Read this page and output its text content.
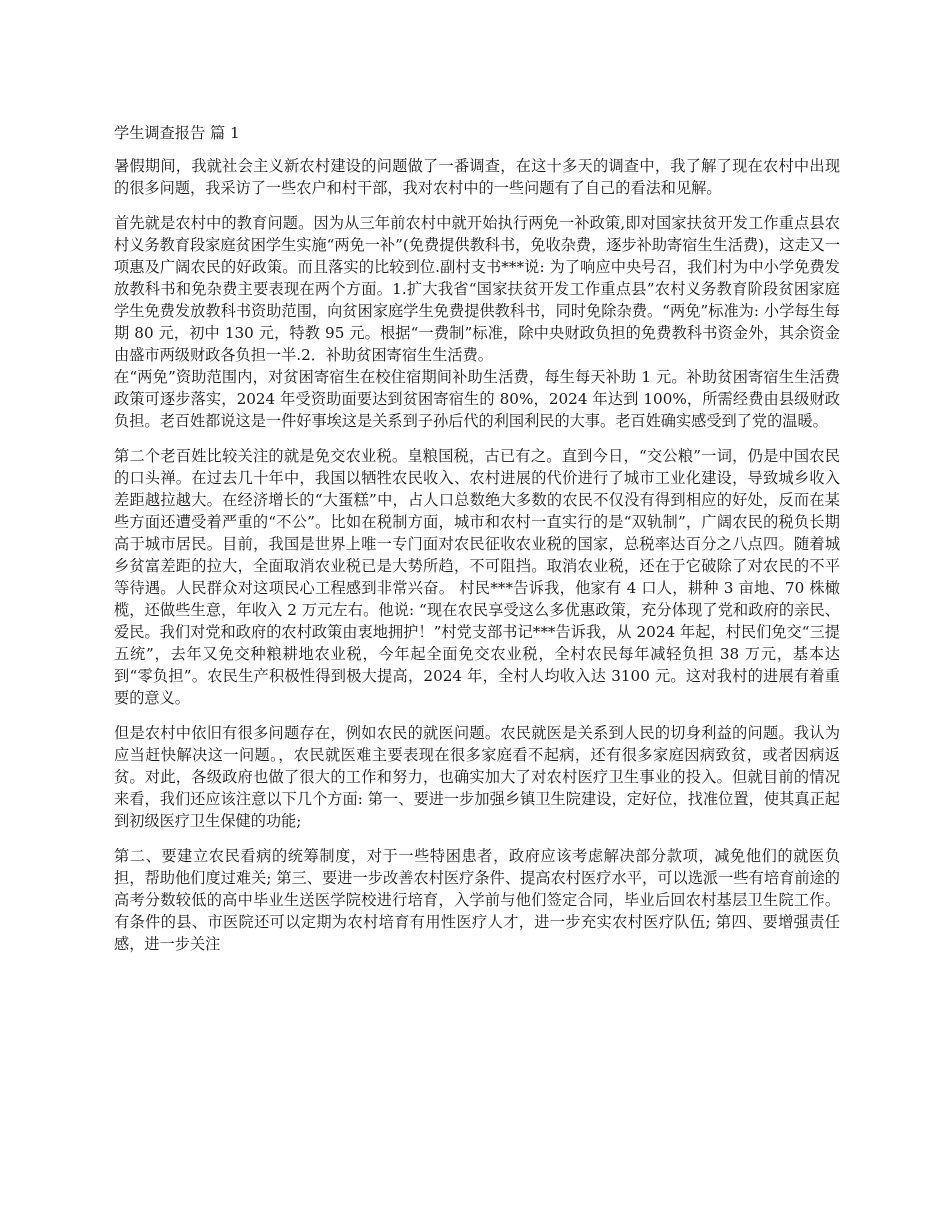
学生调查报告 篇 1

暑假期间，我就社会主义新农村建设的问题做了一番调查，在这十多天的调查中，我了解了现在农村中出现的很多问题，我采访了一些农户和村干部，我对农村中的一些问题有了自己的看法和见解。

首先就是农村中的教育问题。因为从三年前农村中就开始执行两免一补政策,即对国家扶贫开发工作重点县农村义务教育段家庭贫困学生实施“两免一补”(免费提供教科书，免收杂费，逐步补助寄宿生生活费)，这走又一项惠及广阔农民的好政策。而且落实的比较到位.副村支书***说: 为了响应中央号召，我们村为中小学免费发放教科书和免杂费主要表现在两个方面。1.扩大我省“国家扶贫开发工作重点县”农村义务教育阶段贫困家庭学生免费发放教科书资助范围，向贫困家庭学生免费提供教科书，同时免除杂费。“两免”标准为: 小学每生每期 80 元，初中 130 元，特教 95 元。根据“一费制”标准，除中央财政负担的免费教科书资金外，其余资金由盛市两级财政各负担一半.2．补助贫困寄宿生生活费。
在“两免”资助范围内，对贫困寄宿生在校住宿期间补助生活费，每生每天补助 1 元。补助贫困寄宿生生活费政策可逐步落实，2024 年受资助面要达到贫困寄宿生的 80%，2024 年达到 100%，所需经费由县级财政负担。老百姓都说这是一件好事埃这是关系到子孙后代的利国利民的大事。老百姓确实感受到了党的温暖。

第二个老百姓比较关注的就是免交农业税。皇粮国税，古已有之。直到今日，“交公粮”一词，仍是中国农民的口头禅。在过去几十年中，我国以牺牲农民收入、农村进展的代价进行了城市工业化建设，导致城乡收入差距越拉越大。在经济增长的“大蛋糕”中，占人口总数绝大多数的农民不仅没有得到相应的好处，反而在某些方面还遭受着严重的“不公”。比如在税制方面，城市和农村一直实行的是“双轨制”，广阔农民的税负长期高于城市居民。目前，我国是世界上唯一专门面对农民征收农业税的国家，总税率达百分之八点四。随着城乡贫富差距的拉大，全面取消农业税已是大势所趋，不可阻挡。取消农业税，还在于它破除了对农民的不平等待遇。人民群众对这项民心工程感到非常兴奋。 村民***告诉我，他家有 4 口人，耕种 3 亩地、70 株橄榄，还做些生意，年收入 2 万元左右。他说: “现在农民享受这么多优惠政策，充分体现了党和政府的亲民、爱民。我们对党和政府的农村政策由衷地拥护！”村党支部书记***告诉我，从 2024 年起，村民们免交“三提五统”，去年又免交种粮耕地农业税，今年起全面免交农业税，全村农民每年减轻负担 38 万元，基本达到“零负担”。农民生产积极性得到极大提高，2024 年，全村人均收入达 3100 元。这对我村的进展有着重要的意义。

但是农村中依旧有很多问题存在，例如农民的就医问题。农民就医是关系到人民的切身利益的问题。我认为应当赶快解决这一问题。，农民就医难主要表现在很多家庭看不起病，还有很多家庭因病致贫，或者因病返贫。对此，各级政府也做了很大的工作和努力，也确实加大了对农村医疗卫生事业的投入。但就目前的情况来看，我们还应该注意以下几个方面: 第一、要进一步加强乡镇卫生院建设，定好位，找准位置，使其真正起到初级医疗卫生保健的功能;

第二、要建立农民看病的统筹制度，对于一些特困患者，政府应该考虑解决部分款项，减免他们的就医负担，帮助他们度过难关; 第三、要进一步改善农村医疗条件、提高农村医疗水平，可以选派一些有培育前途的高考分数较低的高中毕业生送医学院校进行培育，入学前与他们签定合同，毕业后回农村基层卫生院工作。有条件的县、市医院还可以定期为农村培育有用性医疗人才，进一步充实农村医疗队伍; 第四、要增强责任感，进一步关注
